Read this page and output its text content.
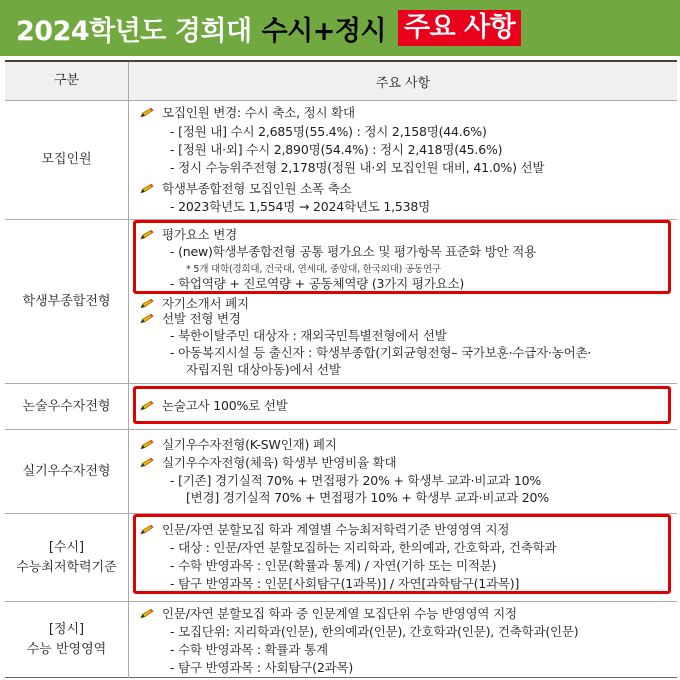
2024학년도 경희대 수시+정시 주요 사항
구분	주요 사항
모집인원
학생부종합전형
논술우수자전형
실기우수자전형
[수시]
수능최저학력기준
[정시]
수능 반영영역
모집인원 변경: 수시 축소, 정시 확대
- [정원 내] 수시 2,685명(55.4%) : 정시 2,158명(44.6%)
- [정원 내·외] 수시 2,890명(54.4%) : 정시 2,418명(45.6%)
- 정시 수능위주전형 2,178명(정원 내·외 모집인원 대비, 41.0%) 선발
학생부종합전형 모집인원 소폭 축소
- 2023학년도 1,554명 → 2024학년도 1,538명
평가요소 변경
- (new)학생부종합전형 공통 평가요소 및 평가항목 표준화 방안 적용
* 5개 대학(경희대, 건국대, 연세대, 중앙대, 한국외대) 공동연구
- 학업역량 + 진로역량 + 공동체역량 (3가지 평가요소)
자기소개서 폐지
선발 전형 변경
- 북한이탈주민 대상자 : 재외국민특별전형에서 선발
- 아동복지시설 등 출신자 : 학생부종합(기회균형전형– 국가보훈·수급자·농어촌·
자립지원 대상아동)에서 선발
논술고사 100%로 선발
실기우수자전형(K-SW인재) 폐지
실기우수자전형(체육) 학생부 반영비율 확대
- [기존] 경기실적 70% + 면접평가 20% + 학생부 교과·비교과 10%
[변경] 경기실적 70% + 면접평가 10% + 학생부 교과·비교과 20%
인문/자연 분할모집 학과 계열별 수능최저학력기준 반영영역 지정
- 대상 : 인문/자연 분할모집하는 지리학과, 한의예과, 간호학과, 건축학과
- 수학 반영과목 : 인문(확률과 통계) / 자연(기하 또는 미적분)
- 탐구 반영과목 : 인문[사회탐구(1과목)] / 자연[과학탐구(1과목)]
인문/자연 분할모집 학과 중 인문계열 모집단위 수능 반영영역 지정
- 모집단위: 지리학과(인문), 한의예과(인문), 간호학과(인문), 건축학과(인문)
- 수학 반영과목 : 확률과 통계
- 탐구 반영과목 : 사회탐구(2과목)
